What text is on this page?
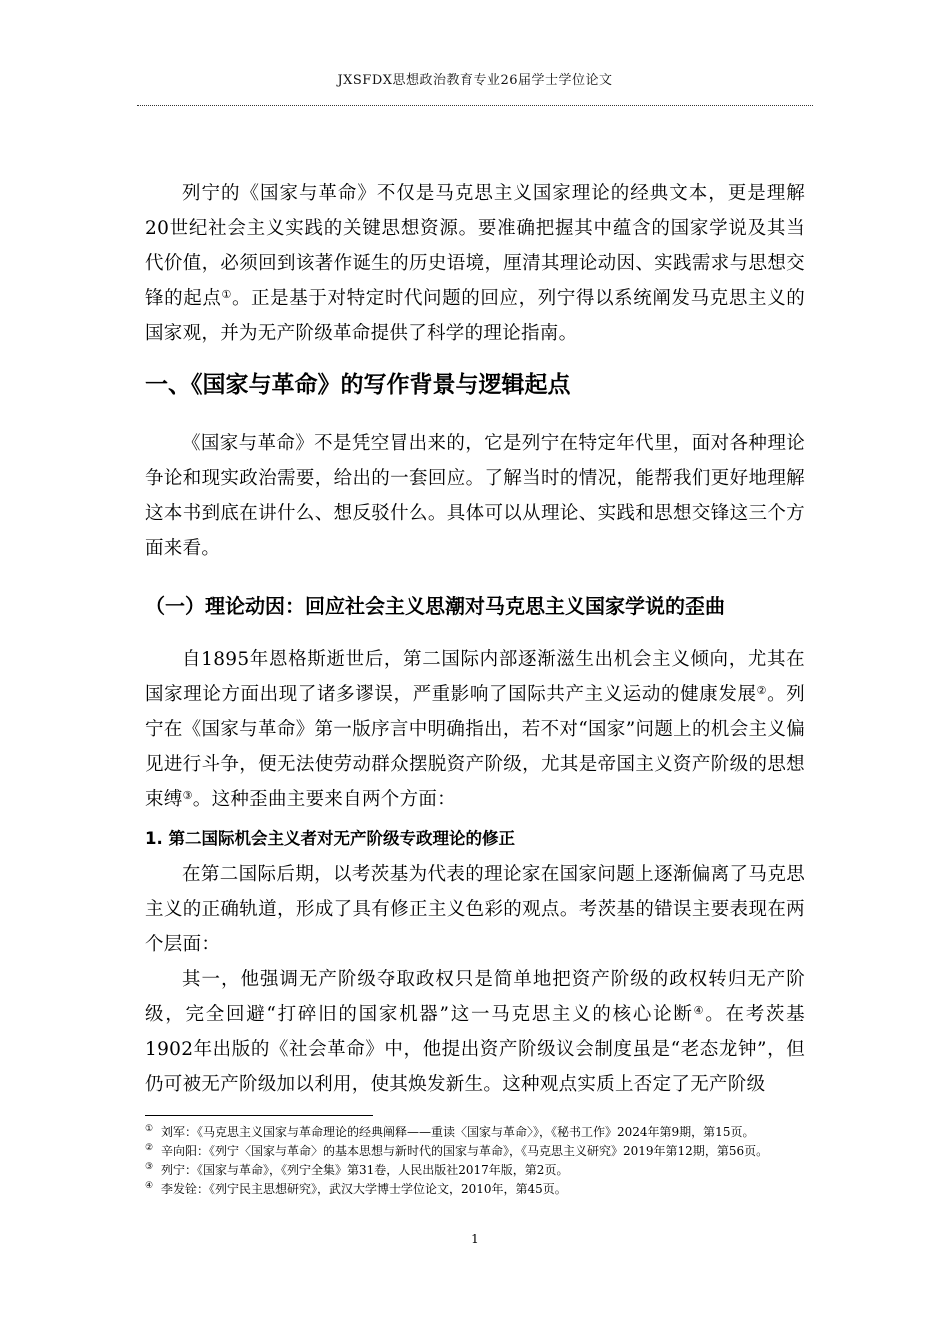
JXSFDX思想政治教育专业26届学士学位论文

列宁的《国家与革命》不仅是马克思主义国家理论的经典文本，更是理解20世纪社会主义实践的关键思想资源。要准确把握其中蕴含的国家学说及其当代价值，必须回到该著作诞生的历史语境，厘清其理论动因、实践需求与思想交锋的起点①。正是基于对特定时代问题的回应，列宁得以系统阐发马克思主义的国家观，并为无产阶级革命提供了科学的理论指南。

一、《国家与革命》的写作背景与逻辑起点

《国家与革命》不是凭空冒出来的，它是列宁在特定年代里，面对各种理论争论和现实政治需要，给出的一套回应。了解当时的情况，能帮我们更好地理解这本书到底在讲什么、想反驳什么。具体可以从理论、实践和思想交锋这三个方面来看。

（一）理论动因：回应社会主义思潮对马克思主义国家学说的歪曲

自1895年恩格斯逝世后，第二国际内部逐渐滋生出机会主义倾向，尤其在国家理论方面出现了诸多谬误，严重影响了国际共产主义运动的健康发展②。列宁在《国家与革命》第一版序言中明确指出，若不对“国家”问题上的机会主义偏见进行斗争，便无法使劳动群众摆脱资产阶级，尤其是帝国主义资产阶级的思想束缚③。这种歪曲主要来自两个方面：

1. 第二国际机会主义者对无产阶级专政理论的修正

在第二国际后期，以考茨基为代表的理论家在国家问题上逐渐偏离了马克思主义的正确轨道，形成了具有修正主义色彩的观点。考茨基的错误主要表现在两个层面：

其一，他强调无产阶级夺取政权只是简单地把资产阶级的政权转归无产阶级，完全回避“打碎旧的国家机器”这一马克思主义的核心论断④。在考茨基1902年出版的《社会革命》中，他提出资产阶级议会制度虽是“老态龙钟”，但仍可被无产阶级加以利用，使其焕发新生。这种观点实质上否定了无产阶级

① 刘军：《马克思主义国家与革命理论的经典阐释——重读〈国家与革命〉》，《秘书工作》2024年第9期，第15页。

② 辛向阳：《列宁〈国家与革命〉的基本思想与新时代的国家与革命》，《马克思主义研究》2019年第12期，第56页。

③ 列宁：《国家与革命》，《列宁全集》第31卷，人民出版社2017年版，第2页。

④ 李发铨：《列宁民主思想研究》，武汉大学博士学位论文，2010年，第45页。

1
